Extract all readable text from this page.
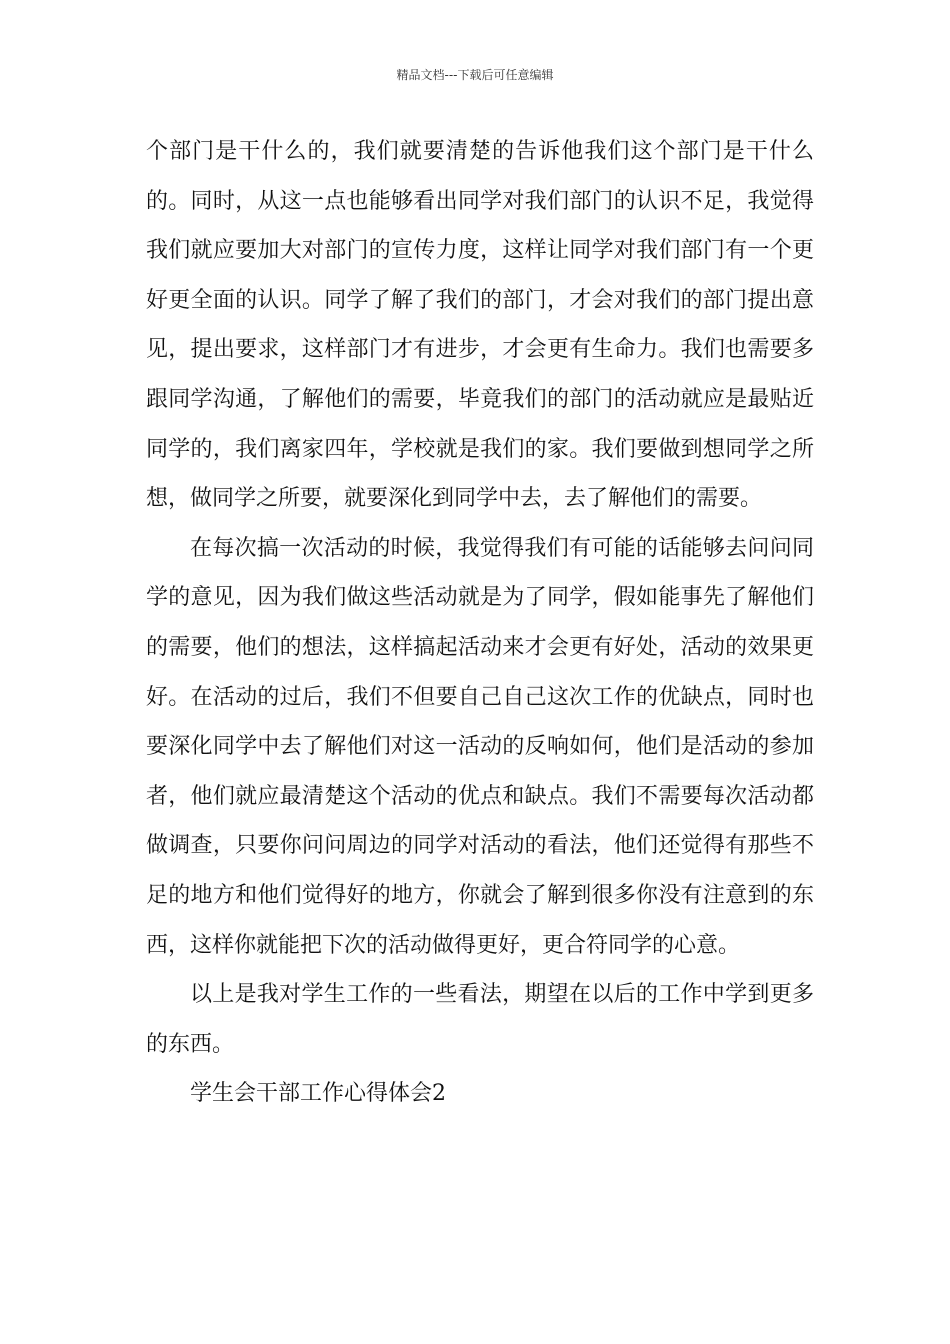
精品文档---下载后可任意编辑

个部门是干什么的，我们就要清楚的告诉他我们这个部门是干什么的。同时，从这一点也能够看出同学对我们部门的认识不足，我觉得我们就应要加大对部门的宣传力度，这样让同学对我们部门有一个更好更全面的认识。同学了解了我们的部门，才会对我们的部门提出意见，提出要求，这样部门才有进步，才会更有生命力。我们也需要多跟同学沟通，了解他们的需要，毕竟我们的部门的活动就应是最贴近同学的，我们离家四年，学校就是我们的家。我们要做到想同学之所想，做同学之所要，就要深化到同学中去，去了解他们的需要。

在每次搞一次活动的时候，我觉得我们有可能的话能够去问问同学的意见，因为我们做这些活动就是为了同学，假如能事先了解他们的需要，他们的想法，这样搞起活动来才会更有好处，活动的效果更好。在活动的过后，我们不但要自己自己这次工作的优缺点，同时也要深化同学中去了解他们对这一活动的反响如何，他们是活动的参加者，他们就应最清楚这个活动的优点和缺点。我们不需要每次活动都做调查，只要你问问周边的同学对活动的看法，他们还觉得有那些不足的地方和他们觉得好的地方，你就会了解到很多你没有注意到的东西，这样你就能把下次的活动做得更好，更合符同学的心意。

以上是我对学生工作的一些看法，期望在以后的工作中学到更多的东西。

学生会干部工作心得体会2
